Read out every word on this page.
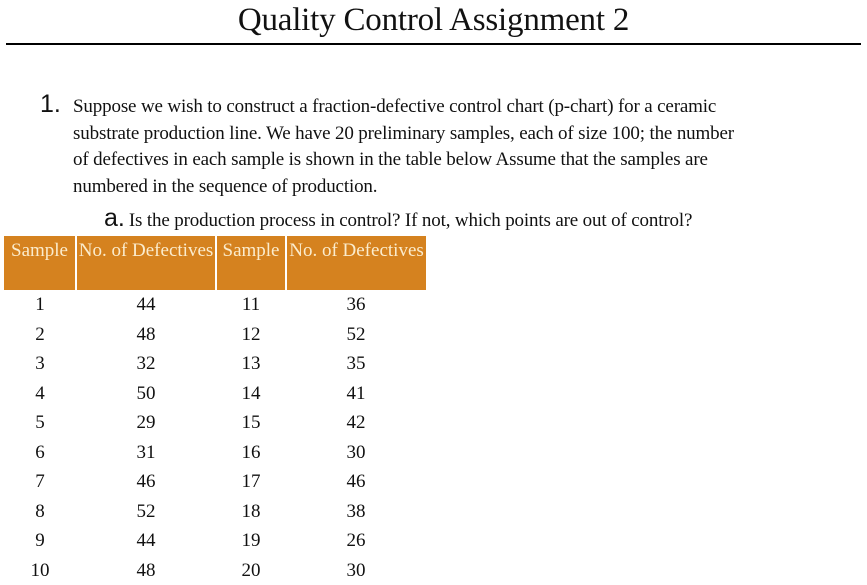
Quality Control Assignment 2
1. Suppose we wish to construct a fraction-defective control chart (p-chart) for a ceramic
substrate production line. We have 20 preliminary samples, each of size 100; the number
of defectives in each sample is shown in the table below Assume that the samples are
numbered in the sequence of production.
a. Is the production process in control? If not, which points are out of control?
Sample	No. of Defectives	Sample	No. of Defectives
1	44	11	36
2	48	12	52
3	32	13	35
4	50	14	41
5	29	15	42
6	31	16	30
7	46	17	46
8	52	18	38
9	44	19	26
10	48	20	30
